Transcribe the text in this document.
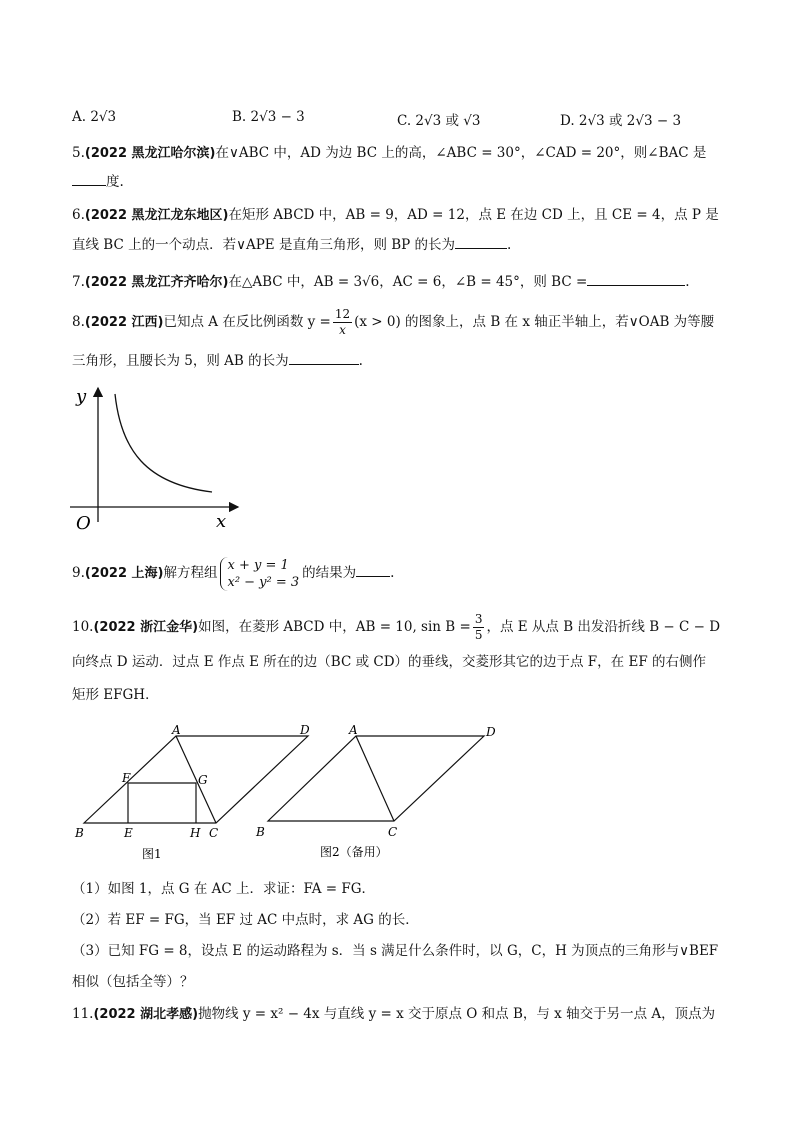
A. 2√3	B. 2√3 − 3	C. 2√3 或 √3	D. 2√3 或 2√3 − 3
5.(2022 黑龙江哈尔滨)在∨ABC 中，AD 为边 BC 上的高，∠ABC = 30°，∠CAD = 20°，则∠BAC 是
度.
6.(2022 黑龙江龙东地区)在矩形 ABCD 中，AB = 9，AD = 12，点 E 在边 CD 上，且 CE = 4，点 P 是
直线 BC 上的一个动点．若∨APE 是直角三角形，则 BP 的长为	.
7.(2022 黑龙江齐齐哈尔)在△ABC 中，AB = 3√6，AC = 6，∠B = 45°，则 BC =	.
8.(2022 江西)已知点 A 在反比例函数 $y = \frac{12}{x} (x > 0)$ 的图象上，点 B 在 x 轴正半轴上，若∨OAB 为等腰
三角形，且腰长为 5，则 AB 的长为	.
y
x
O
9.(2022 上海)解方程组 x + y = 1
x² − y² = 3
的结果为	.
10.(2022 浙江金华)如图，在菱形 ABCD 中，AB = 10, $\sin B = \frac{3}{5}$ ，点 E 从点 B 出发沿折线 B − C − D
向终点 D 运动．过点 E 作点 E 所在的边（BC 或 CD）的垂线，交菱形其它的边于点 F，在 EF 的右侧作
矩形 EFGH．
A	D
B	E	H C
F	G
图1
A	D
B	C
图2（备用）
（1）如图 1，点 G 在 AC 上．求证：FA = FG．
（2）若 EF = FG，当 EF 过 AC 中点时，求 AG 的长．
（3）已知 FG = 8，设点 E 的运动路程为 s．当 s 满足什么条件时，以 G，C，H 为顶点的三角形与∨BEF
相似（包括全等）？
11.(2022 湖北孝感)抛物线 y = x² − 4x 与直线 y = x 交于原点 O 和点 B，与 x 轴交于另一点 A，顶点为
